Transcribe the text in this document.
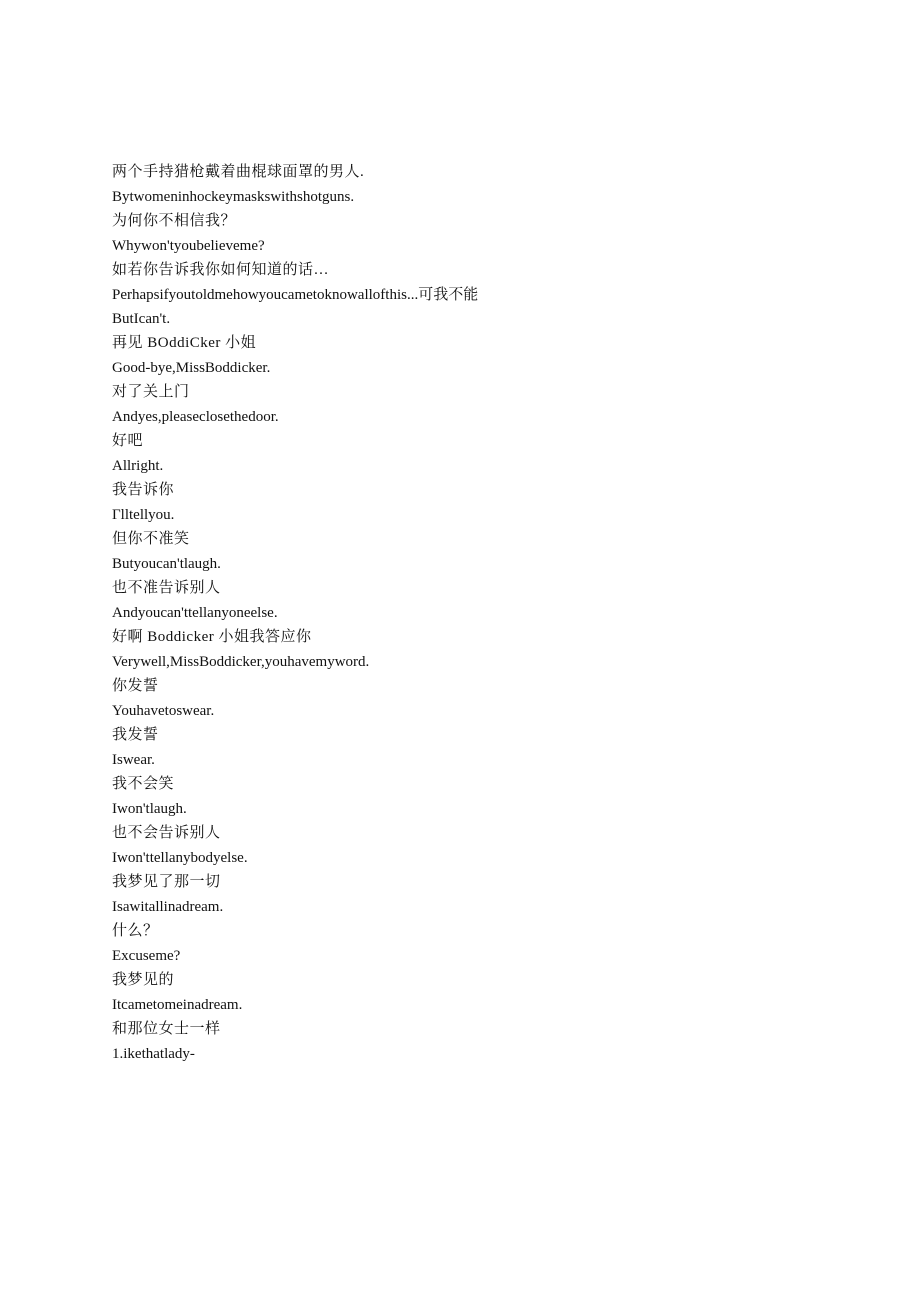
两个手持猎枪戴着曲棍球面罩的男人.
Bytwomeninhockeymaskswithshotguns.
为何你不相信我？
Whywon'tyoubelieveme?
如若你告诉我你如何知道的话…
Perhapsifyoutoldmehowyoucametoknowallofthis...可我不能
ButIcan't.
再见 BOddiCker 小姐
Good-bye,MissBoddicker.
对了关上门
Andyes,pleaseclosethedoor.
好吧
Allright.
我告诉你
Γlltellyou.
但你不准笑
Butyoucan'tlaugh.
也不准告诉别人
Andyoucan'ttellanyoneelse.
好啊 Boddicker 小姐我答应你
Verywell,MissBoddicker,youhavemyword.
你发誓
Youhavetoswear.
我发誓
Iswear.
我不会笑
Iwon'tlaugh.
也不会告诉别人
Iwon'ttellanybodyelse.
我梦见了那一切
Isawitallinadream.
什么？
Excuseme?
我梦见的
Itcametomeinadream.
和那位女士一样
1.ikethatlady-
